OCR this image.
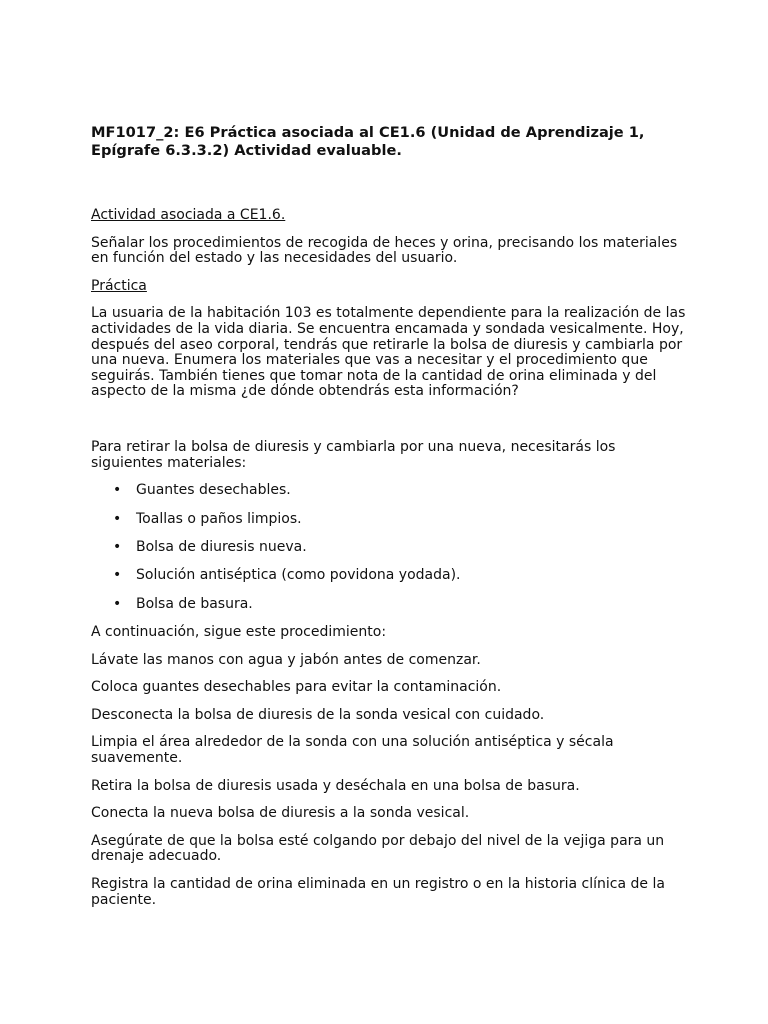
MF1017_2: E6 Práctica asociada al CE1.6 (Unidad de Aprendizaje 1, Epígrafe 6.3.3.2) Actividad evaluable.

Actividad asociada a CE1.6.

Señalar los procedimientos de recogida de heces y orina, precisando los materiales en función del estado y las necesidades del usuario.

Práctica

La usuaria de la habitación 103 es totalmente dependiente para la realización de las actividades de la vida diaria. Se encuentra encamada y sondada vesicalmente. Hoy, después del aseo corporal, tendrás que retirarle la bolsa de diuresis y cambiarla por una nueva. Enumera los materiales que vas a necesitar y el procedimiento que seguirás. También tienes que tomar nota de la cantidad de orina eliminada y del aspecto de la misma ¿de dónde obtendrás esta información?

Para retirar la bolsa de diuresis y cambiarla por una nueva, necesitarás los siguientes materiales:

• Guantes desechables.
• Toallas o paños limpios.
• Bolsa de diuresis nueva.
• Solución antiséptica (como povidona yodada).
• Bolsa de basura.

A continuación, sigue este procedimiento:

Lávate las manos con agua y jabón antes de comenzar.

Coloca guantes desechables para evitar la contaminación.

Desconecta la bolsa de diuresis de la sonda vesical con cuidado.

Limpia el área alrededor de la sonda con una solución antiséptica y sécala suavemente.

Retira la bolsa de diuresis usada y deséchala en una bolsa de basura.

Conecta la nueva bolsa de diuresis a la sonda vesical.

Asegúrate de que la bolsa esté colgando por debajo del nivel de la vejiga para un drenaje adecuado.

Registra la cantidad de orina eliminada en un registro o en la historia clínica de la paciente.
